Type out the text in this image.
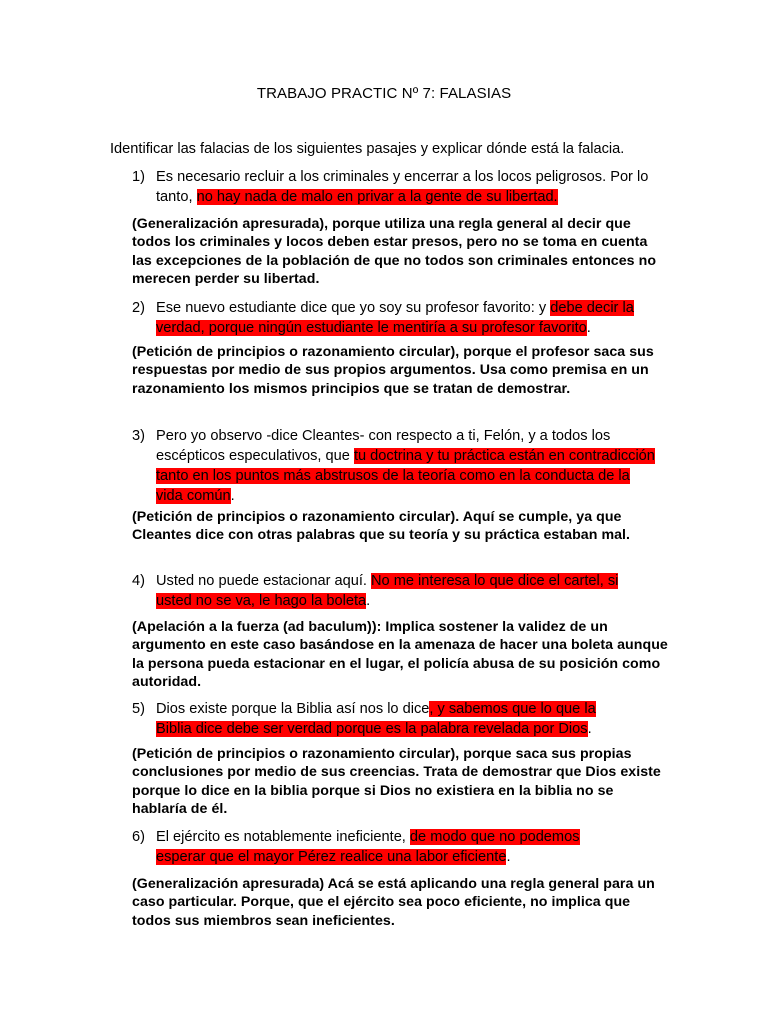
TRABAJO PRACTIC Nº 7: FALASIAS
Identificar las falacias de los siguientes pasajes y explicar dónde está la falacia.
1) Es necesario recluir a los criminales y encerrar a los locos peligrosos. Por lo tanto, no hay nada de malo en privar a la gente de su libertad.
(Generalización apresurada), porque utiliza una regla general al decir que todos los criminales y locos deben estar presos, pero no se toma en cuenta las excepciones de la población de que no todos son criminales entonces no merecen perder su libertad.
2) Ese nuevo estudiante dice que yo soy su profesor favorito: y debe decir la verdad, porque ningún estudiante le mentiría a su profesor favorito.
(Petición de principios o razonamiento circular), porque el profesor saca sus respuestas por medio de sus propios argumentos. Usa como premisa en un razonamiento los mismos principios que se tratan de demostrar.
3) Pero yo observo -dice Cleantes- con respecto a ti, Felón, y a todos los escépticos especulativos, que tu doctrina y tu práctica están en contradicción tanto en los puntos más abstrusos de la teoría como en la conducta de la vida común.
(Petición de principios o razonamiento circular). Aquí se cumple, ya que Cleantes dice con otras palabras que su teoría y su práctica estaban mal.
4) Usted no puede estacionar aquí. No me interesa lo que dice el cartel, si usted no se va, le hago la boleta.
(Apelación a la fuerza (ad baculum)): Implica sostener la validez de un argumento en este caso basándose en la amenaza de hacer una boleta aunque la persona pueda estacionar en el lugar, el policía abusa de su posición como autoridad.
5) Dios existe porque la Biblia así nos lo dice, y sabemos que lo que la Biblia dice debe ser verdad porque es la palabra revelada por Dios.
(Petición de principios o razonamiento circular), porque saca sus propias conclusiones por medio de sus creencias. Trata de demostrar que Dios existe porque lo dice en la biblia porque si Dios no existiera en la biblia no se hablaría de él.
6) El ejército es notablemente ineficiente, de modo que no podemos esperar que el mayor Pérez realice una labor eficiente.
(Generalización apresurada) Acá se está aplicando una regla general para un caso particular. Porque, que el ejército sea poco eficiente, no implica que todos sus miembros sean ineficientes.
